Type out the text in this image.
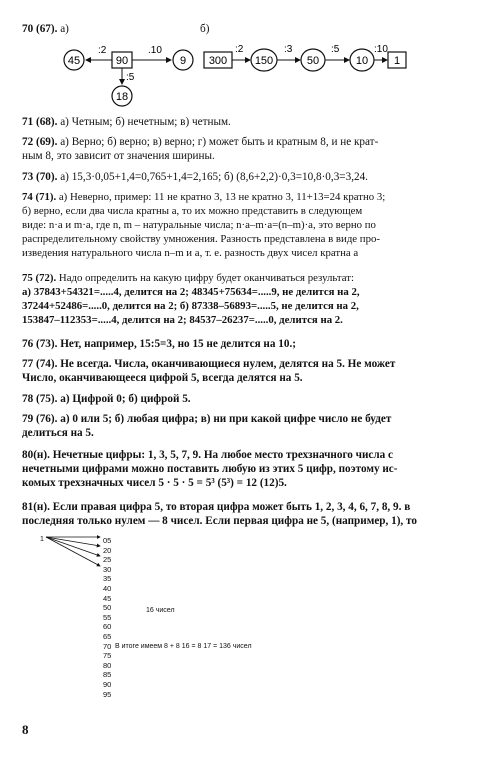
70 (67). а)	б)
45	90	9
18
:2	.10
:5
300	150	50	10 1
:2	:3	:5	:10
71 (68). а) Четным; б) нечетным; в) четным.
72 (69). а) Верно; б) верно; в) верно; г) может быть и кратным 8, и не крат-
ным 8, это зависит от значения ширины.
73 (70). а) 15,3·0,05+1,4=0,765+1,4=2,165; б) (8,6+2,2)·0,3=10,8·0,3=3,24.
74 (71). а) Неверно, пример: 11 не кратно 3, 13 не кратно 3, 11+13=24 кратно 3;
б) верно, если два числа кратны а, то их можно представить в следующем
виде: n·a и m·a, где n, m – натуральные числа; n·a–m·a=(n–m)·a, это верно по
распределительному свойству умножения. Разность представлена в виде про-
изведения натурального числа n–m и a, т. е. разность двух чисел кратна а
75 (72). Надо определить на какую цифру будет оканчиваться результат:
а) 37843+54321=.....4, делится на 2; 48345+75634=.....9, не делится на 2,
37244+52486=.....0, делится на 2; б) 87338–56893=.....5, не делится на 2,
153847–112353=.....4, делится на 2; 84537–26237=.....0, делится на 2.
76 (73). Нет, например, 15:5=3, но 15 не делится на 10.;
77 (74). Не всегда. Числа, оканчивающиеся нулем, делятся на 5. Не может
Число, оканчивающееся цифрой 5, всегда делятся на 5.
78 (75). а) Цифрой 0; б) цифрой 5.
79 (76). а) 0 или 5; б) любая цифра; в) ни при какой цифре число не будет
делиться на 5.
80(н). Нечетные цифры: 1, 3, 5, 7, 9. На любое место трехзначного числа с
нечетными цифрами можно поставить любую из этих 5 цифр, поэтому ис-
комых трехзначных чисел 5 · 5 · 5 = 5³ (5³) = 12 (12)5.
81(н). Если правая цифра 5, то вторая цифра может быть 1, 2, 3, 4, 6, 7, 8, 9. в
последняя только нулем — 8 чисел. Если первая цифра не 5, (например, 1), то
1	05
20
25
30
35
40
45
50
55
60
65
70
75
80
85
90
95
16 чисел
В итоге имеем 8 + 8 16 = 8 17 = 136 чисел
8
